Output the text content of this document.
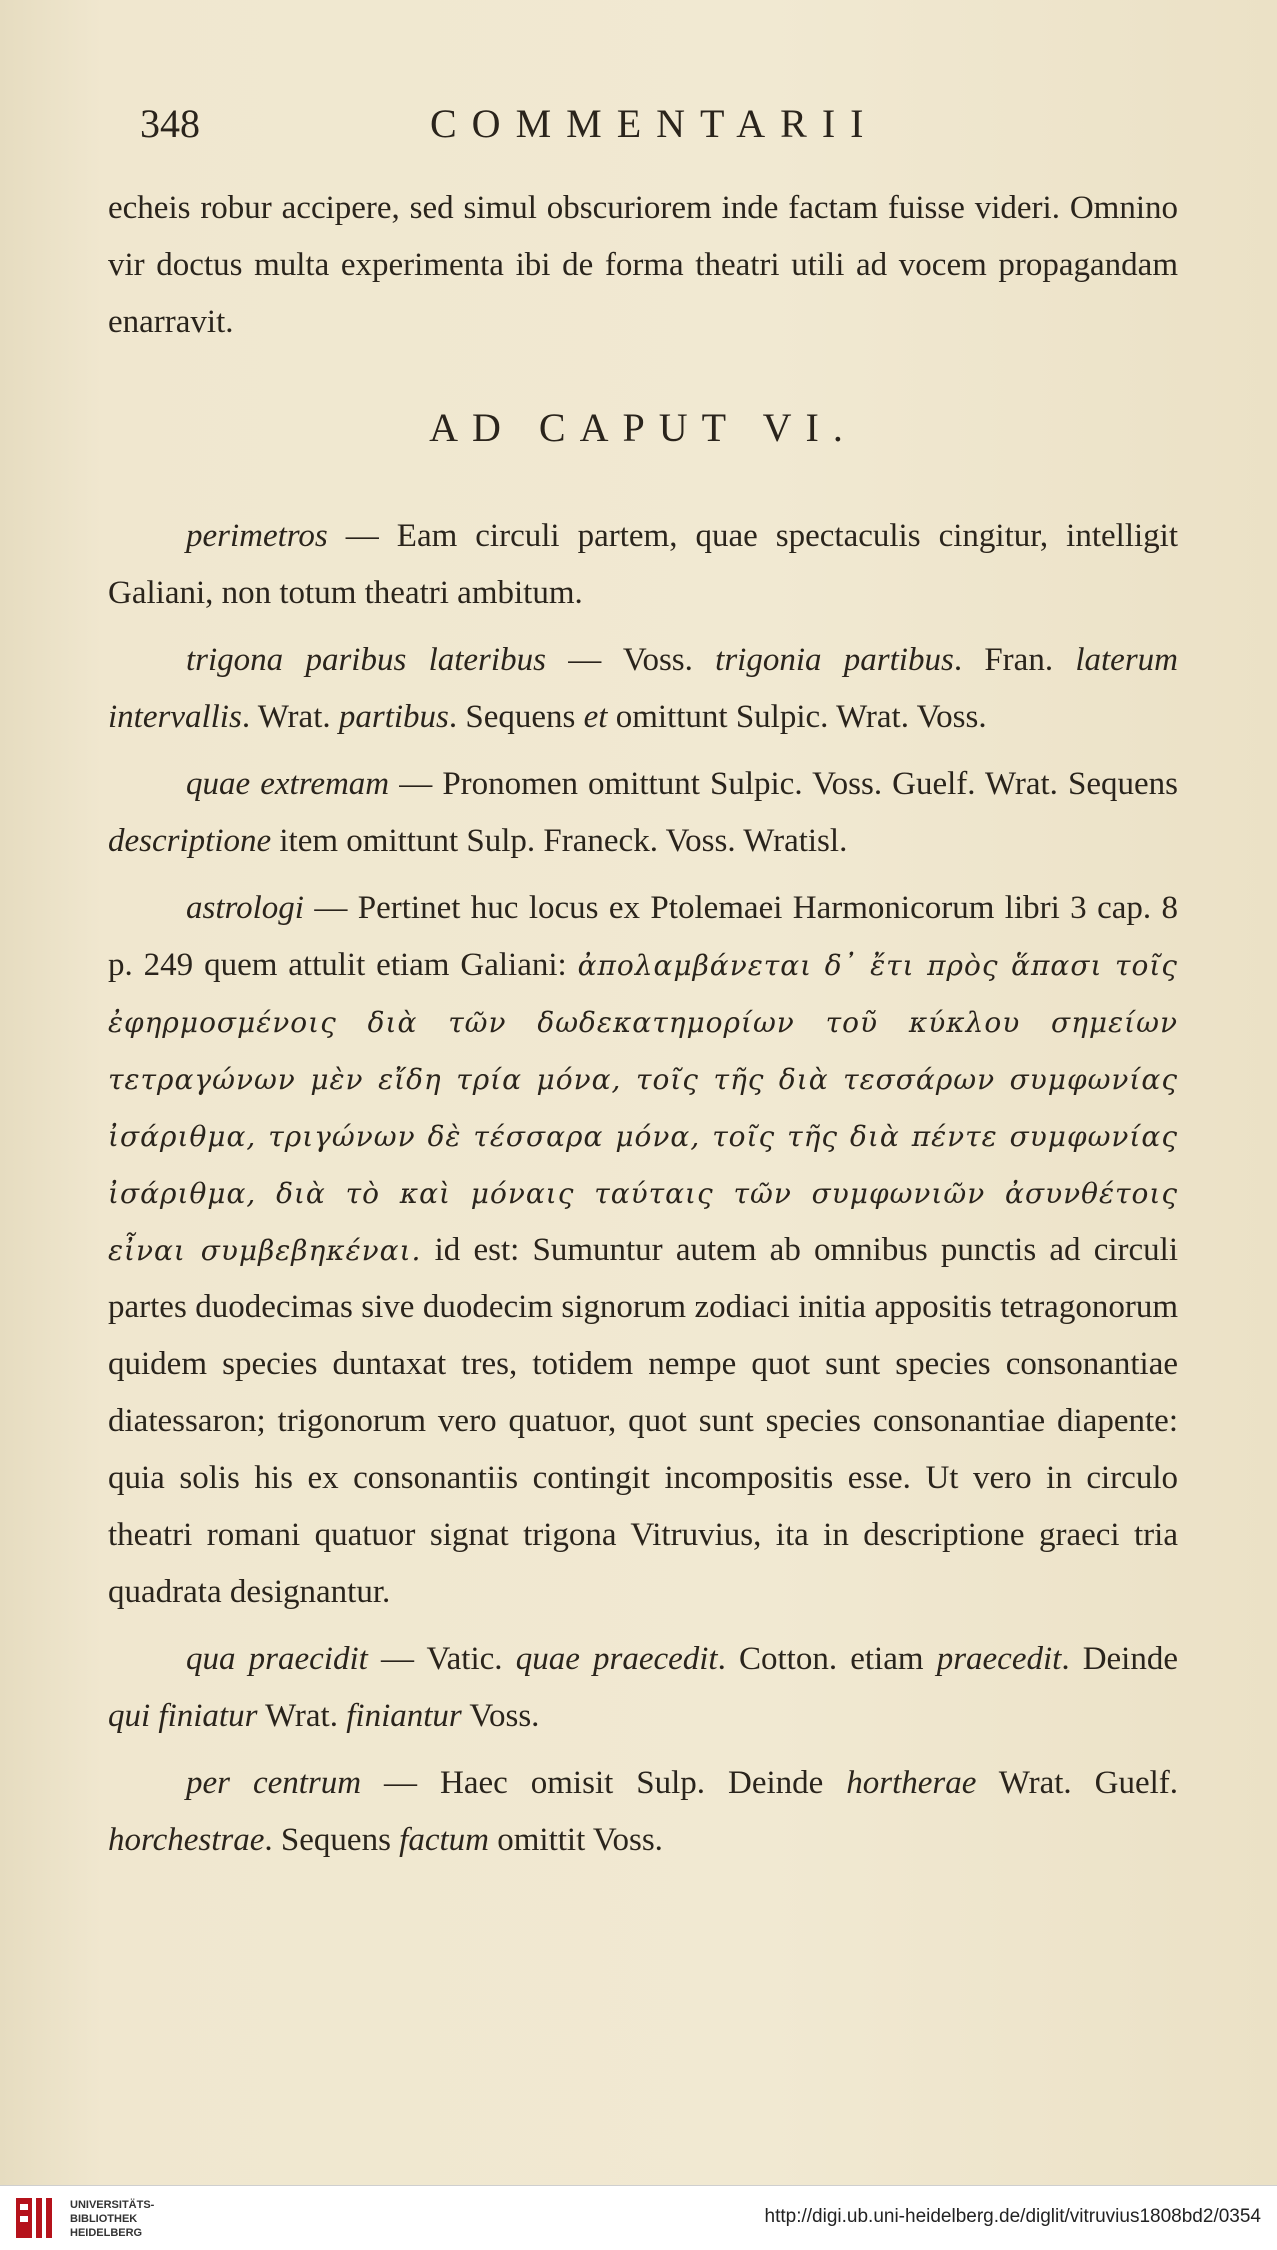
348	COMMENTARII

echeis robur accipere, sed simul obscuriorem inde factam fuisse videri. Omnino vir doctus multa experimenta ibi de forma theatri utili ad vocem propagandam enarravit.

AD CAPUT VI.

perimetros — Eam circuli partem, quae spectaculis cingitur, intelligit Galiani, non totum theatri ambitum.

trigona paribus lateribus — Voss. trigonia partibus. Fran. laterum intervallis. Wrat. partibus. Sequens et omittunt Sulpic. Wrat. Voss.

quae extremam — Pronomen omittunt Sulpic. Voss. Guelf. Wrat. Sequens descriptione item omittunt Sulp. Franeck. Voss. Wratisl.

astrologi — Pertinet huc locus ex Ptolemaei Harmonicorum libri 3 cap. 8 p. 249 quem attulit etiam Galiani: ἀπολαμβάνεται δ᾽ ἔτι πρὸς ἅπασι τοῖς ἐφηρμοσμένοις διὰ τῶν δωδεκατημορίων τοῦ κύκλου σημείων τετραγώνων μὲν εἴδη τρία μόνα, τοῖς τῆς διὰ τεσσάρων συμφωνίας ἰσάριθμα, τριγώνων δὲ τέσσαρα μόνα, τοῖς τῆς διὰ πέντε συμφωνίας ἰσάριθμα, διὰ τὸ καὶ μόναις ταύταις τῶν συμφωνιῶν ἀσυνθέτοις εἶναι συμβεβηκέναι. id est: Sumuntur autem ab omnibus punctis ad circuli partes duodecimas sive duodecim signorum zodiaci initia appositis tetragonorum quidem species duntaxat tres, totidem nempe quot sunt species consonantiae diatessaron; trigonorum vero quatuor, quot sunt species consonantiae diapente: quia solis his ex consonantiis contingit incompositis esse. Ut vero in circulo theatri romani quatuor signat trigona Vitruvius, ita in descriptione graeci tria quadrata designantur.

qua praecidit — Vatic. quae praecedit. Cotton. etiam praecedit. Deinde qui finiatur Wrat. finiantur Voss.

per centrum — Haec omisit Sulp. Deinde hortherae Wrat. Guelf. horchestrae. Sequens factum omittit Voss.

UNIVERSITÄTS-
BIBLIOTHEK
HEIDELBERG
http://digi.ub.uni-heidelberg.de/diglit/vitruvius1808bd2/0354
